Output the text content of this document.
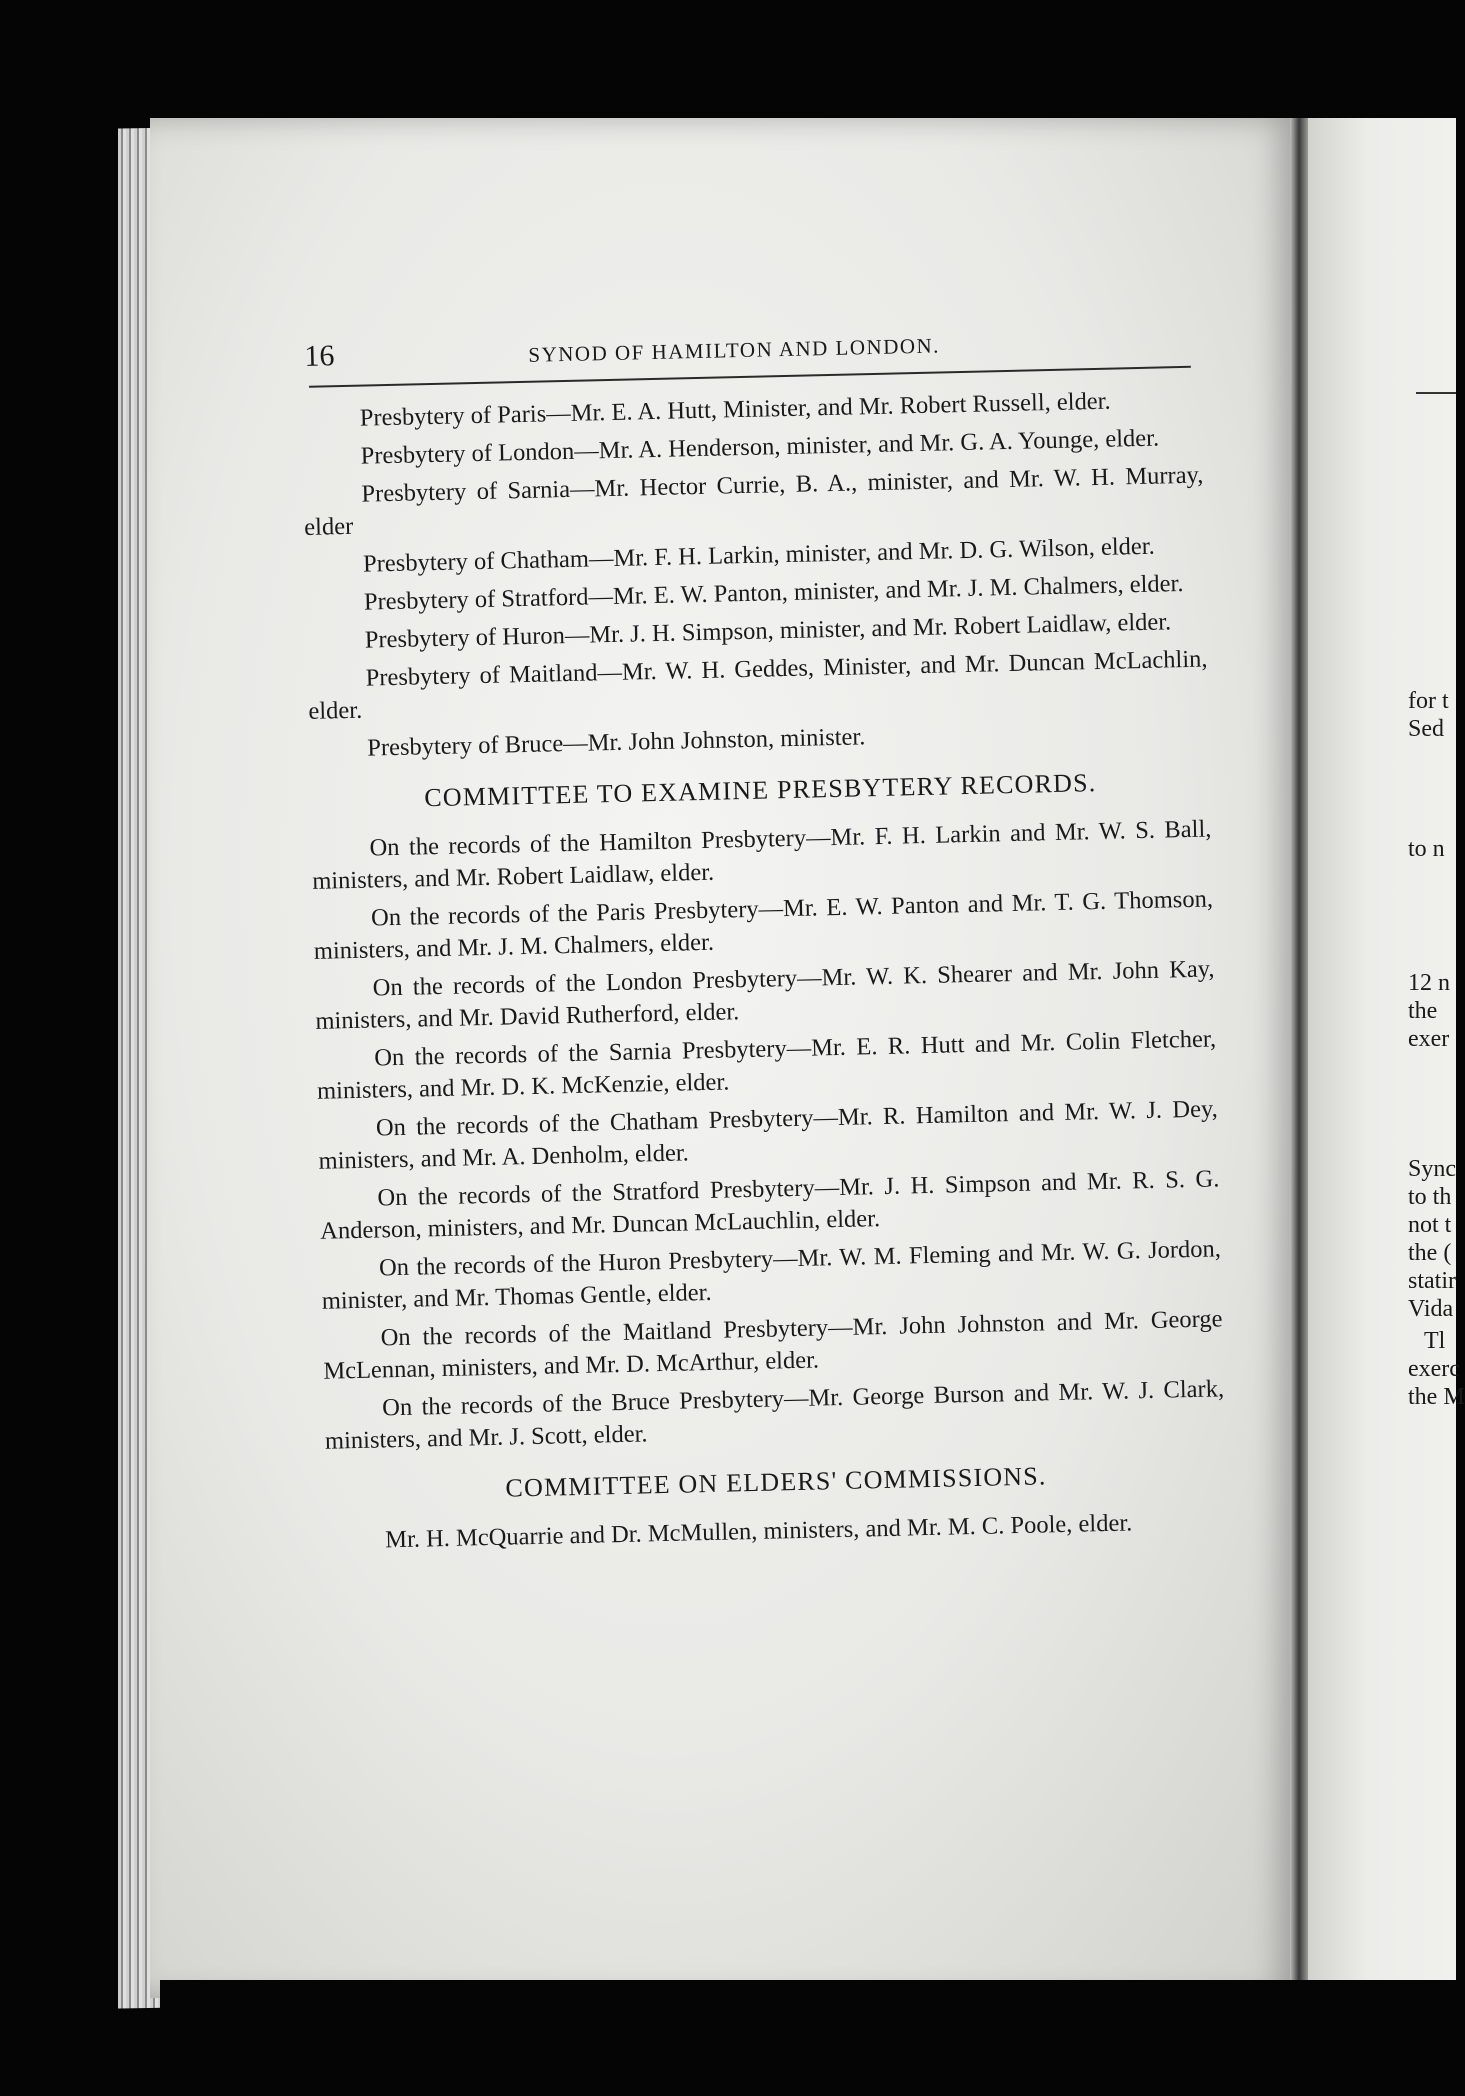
16	SYNOD OF HAMILTON AND LONDON.

Presbytery of Paris—Mr. E. A. Hutt, Minister, and Mr. Robert Russell, elder.

Presbytery of London—Mr. A. Henderson, minister, and Mr. G. A. Younge, elder.

Presbytery of Sarnia—Mr. Hector Currie, B. A., minister, and Mr. W. H. Murray, elder

Presbytery of Chatham—Mr. F. H. Larkin, minister, and Mr. D. G. Wilson, elder.

Presbytery of Stratford—Mr. E. W. Panton, minister, and Mr. J. M. Chalmers, elder.

Presbytery of Huron—Mr. J. H. Simpson, minister, and Mr. Robert Laidlaw, elder.

Presbytery of Maitland—Mr. W. H. Geddes, Minister, and Mr. Duncan McLachlin, elder.

Presbytery of Bruce—Mr. John Johnston, minister.

COMMITTEE TO EXAMINE PRESBYTERY RECORDS.

On the records of the Hamilton Presbytery—Mr. F. H. Larkin and Mr. W. S. Ball, ministers, and Mr. Robert Laidlaw, elder.

On the records of the Paris Presbytery—Mr. E. W. Panton and Mr. T. G. Thomson, ministers, and Mr. J. M. Chalmers, elder.

On the records of the London Presbytery—Mr. W. K. Shearer and Mr. John Kay, ministers, and Mr. David Rutherford, elder.

On the records of the Sarnia Presbytery—Mr. E. R. Hutt and Mr. Colin Fletcher, ministers, and Mr. D. K. McKenzie, elder.

On the records of the Chatham Presbytery—Mr. R. Hamilton and Mr. W. J. Dey, ministers, and Mr. A. Denholm, elder.

On the records of the Stratford Presbytery—Mr. J. H. Simpson and Mr. R. S. G. Anderson, ministers, and Mr. Duncan McLauchlin, elder.

On the records of the Huron Presbytery—Mr. W. M. Fleming and Mr. W. G. Jordon, minister, and Mr. Thomas Gentle, elder.

On the records of the Maitland Presbytery—Mr. John Johnston and Mr. George McLennan, ministers, and Mr. D. McArthur, elder.

On the records of the Bruce Presbytery—Mr. George Burson and Mr. W. J. Clark, ministers, and Mr. J. Scott, elder.

COMMITTEE ON ELDERS' COMMISSIONS.

Mr. H. McQuarrie and Dr. McMullen, ministers, and Mr. M. C. Poole, elder.

for t
Sed
to n
12 n
the
exer
Sync
to th
not t
the (
statir
Vida
Tl
exerc
the M
